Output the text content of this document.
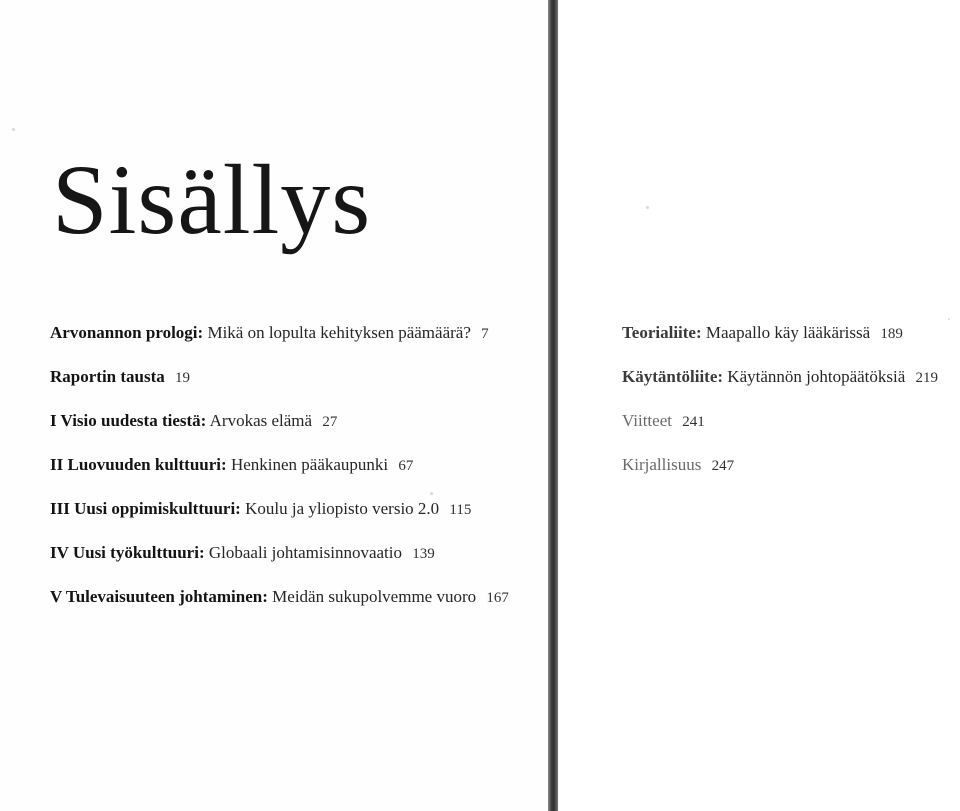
Sisällys
Arvonannon prologi: Mikä on lopulta kehityksen päämäärä? 7
Raportin tausta 19
I Visio uudesta tiestä: Arvokas elämä 27
II Luovuuden kulttuuri: Henkinen pääkaupunki 67
III Uusi oppimiskulttuuri: Koulu ja yliopisto versio 2.0 115
IV Uusi työkulttuuri: Globaali johtamisinnovaatio 139
V Tulevaisuuteen johtaminen: Meidän sukupolvemme vuoro 167
Teorialiite: Maapallo käy lääkärissä 189
Käytäntöliite: Käytännön johtopäätöksiä 219
Viitteet 241
Kirjallisuus 247
